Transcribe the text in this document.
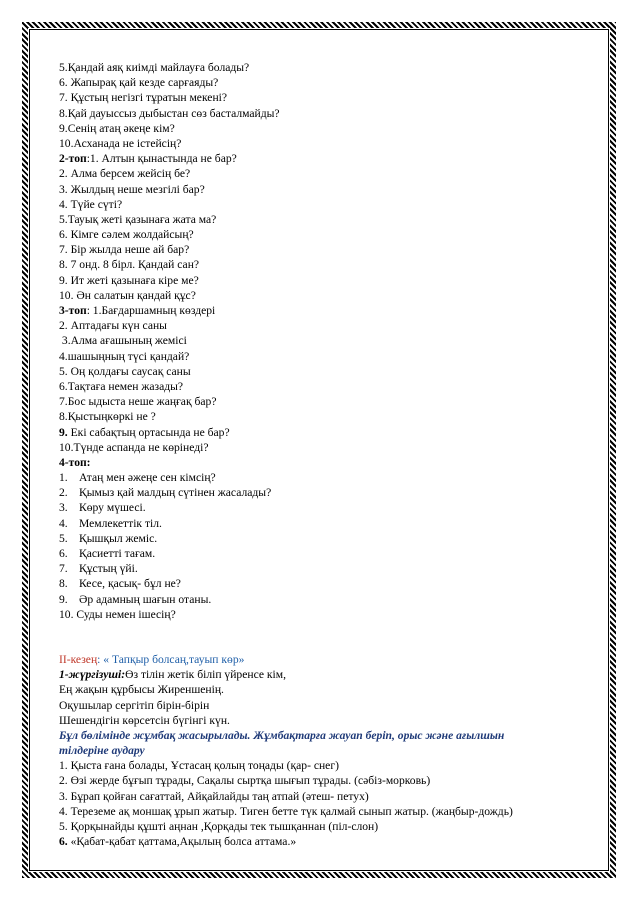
5.Қандай аяқ киімді майлауға болады?
6. Жапырақ қай кезде сарғаяды?
7. Құстың негізгі тұратын мекені?
8.Қай дауыссыз дыбыстан сөз басталмайды?
9.Сенің атаң әкеңе кім?
10.Асханада не істейсің?
2-топ:1. Алтын қынастында не бар?
2. Алма берсем жейсің бе?
3. Жылдың неше мезгілі бар?
4. Түйе сүті?
5.Тауық жеті қазынаға жата ма?
6. Кімге сәлем жолдайсың?
7. Бір жылда неше ай бар?
8. 7 онд. 8 бірл. Қандай сан?
9. Ит жеті қазынаға кіре ме?
10. Ән салатын қандай құс?
3-топ: 1.Бағдаршамның көздері
2. Аптадағы күн саны
3.Алма ағашының жемісі
4.шашыңның түсі қандай?
5. Оң қолдағы саусақ саны
6.Тақтаға немен жазады?
7.Бос ыдыста неше жаңғақ бар?
8.Қыстыңкөркі не ?
9. Екі сабақтың ортасында не бар?
10.Түнде аспанда не көрінеді?
4-топ:
1. Атаң мен әжеңе сен кімсің?
2. Қымыз қай малдың сүтінен жасалады?
3. Көру мүшесі.
4. Мемлекеттік тіл.
5. Қышқыл жеміс.
6. Қасиетті тағам.
7. Құстың үйі.
8. Кесе, қасық- бұл не?
9. Әр адамның шағын отаны.
10. Суды немен ішесің?
ІІ-кезең: « Тапқыр болсаң,тауып көр»
1-жүргізуші:Өз тілін жетік біліп үйренсе кім,
Ең жақын құрбысы Жиреншенің.
Оқушылар сергітіп бірін-бірін
Шешендігін көрсетсін бүгінгі күн.
Бұл бөлімінде жұмбақ жасырылады. Жұмбақтарға жауап беріп, орыс және ағылшын
тілдеріне аудару
1. Қыста ғана болады, Ұстасаң қолың тоңады (қар- снег)
2. Өзі жерде бұғып тұрады, Сақалы сыртқа шығып тұрады. (сәбіз-морковь)
3. Бұрап қойған сағаттай, Айқайлайды таң атпай (әтеш- петух)
4. Тереземе ақ моншақ ұрып жатыр. Тиген бетте түк қалмай сынып жатыр. (жаңбыр-дождь)
5. Қорқынайды құшті аңнан ,Қорқады тек тышқаннан (піл-слон)
6. «Қабат-қабат қаттама,Ақылың болса аттама.»
